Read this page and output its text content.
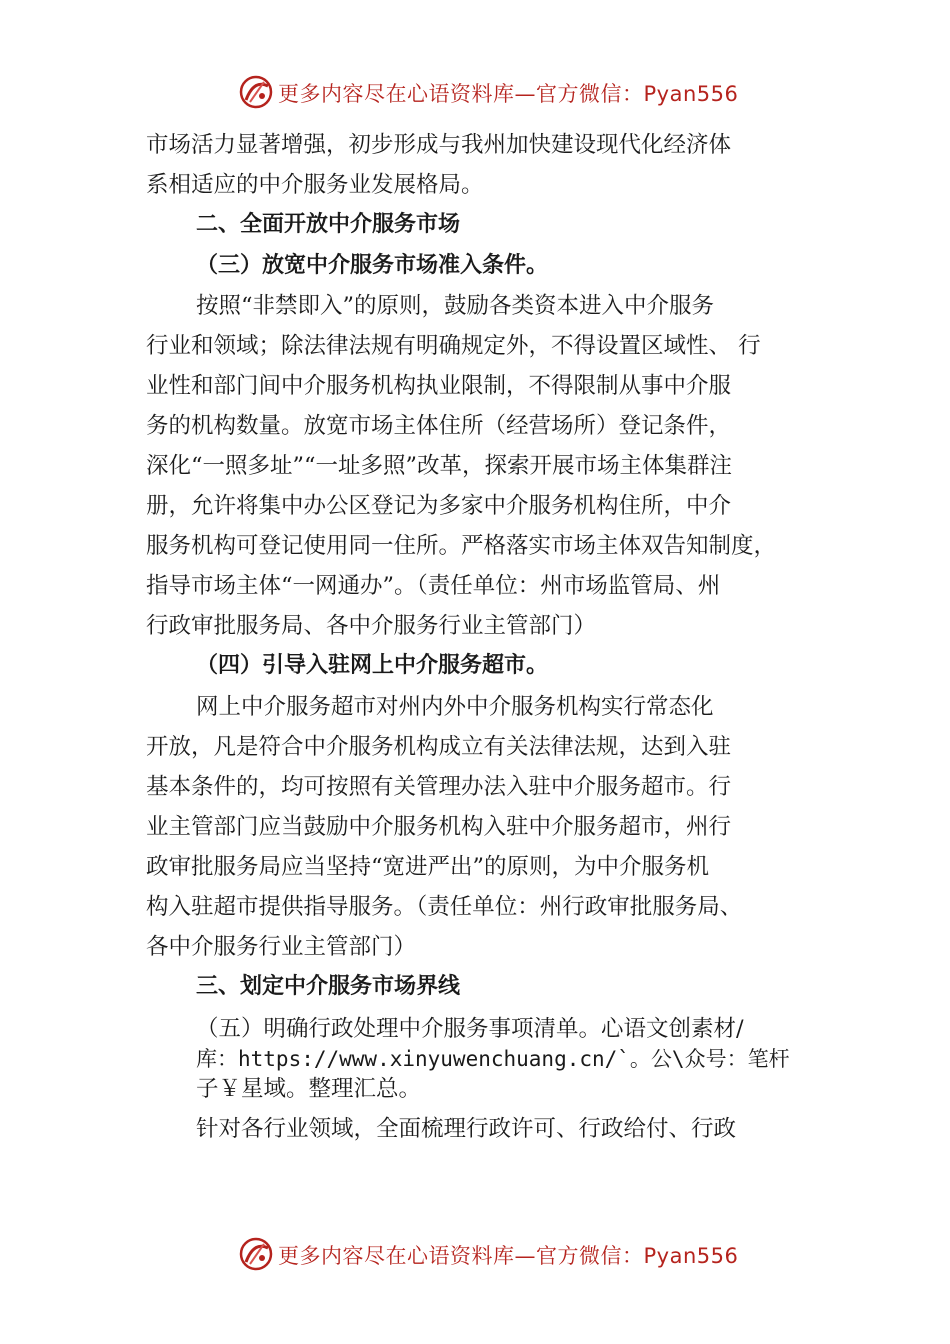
更多内容尽在心语资料库—官方微信：Pyan556
市场活力显著增强，初步形成与我州加快建设现代化经济体
系相适应的中介服务业发展格局。
二、全面开放中介服务市场
（三）放宽中介服务市场准入条件。
按照“非禁即入”的原则，鼓励各类资本进入中介服务
行业和领域；除法律法规有明确规定外，不得设置区域性、 行
业性和部门间中介服务机构执业限制，不得限制从事中介服
务的机构数量。放宽市场主体住所（经营场所）登记条件，
深化“一照多址”“一址多照”改革，探索开展市场主体集群注
册，允许将集中办公区登记为多家中介服务机构住所，中介
服务机构可登记使用同一住所。严格落实市场主体双告知制度，
指导市场主体“一网通办”。（责任单位：州市场监管局、州
行政审批服务局、各中介服务行业主管部门）
（四）引导入驻网上中介服务超市。
网上中介服务超市对州内外中介服务机构实行常态化
开放，凡是符合中介服务机构成立有关法律法规，达到入驻
基本条件的，均可按照有关管理办法入驻中介服务超市。行
业主管部门应当鼓励中介服务机构入驻中介服务超市，州行
政审批服务局应当坚持“宽进严出”的原则，为中介服务机
构入驻超市提供指导服务。（责任单位：州行政审批服务局、
各中介服务行业主管部门）
三、划定中介服务市场界线
（五）明确行政处理中介服务事项清单。心语文创素材/
库：https://www.xinyuwenchuang.cn/`。公\众号：笔杆
子￥星域。整理汇总。
针对各行业领域，全面梳理行政许可、行政给付、行政
更多内容尽在心语资料库—官方微信：Pyan556
